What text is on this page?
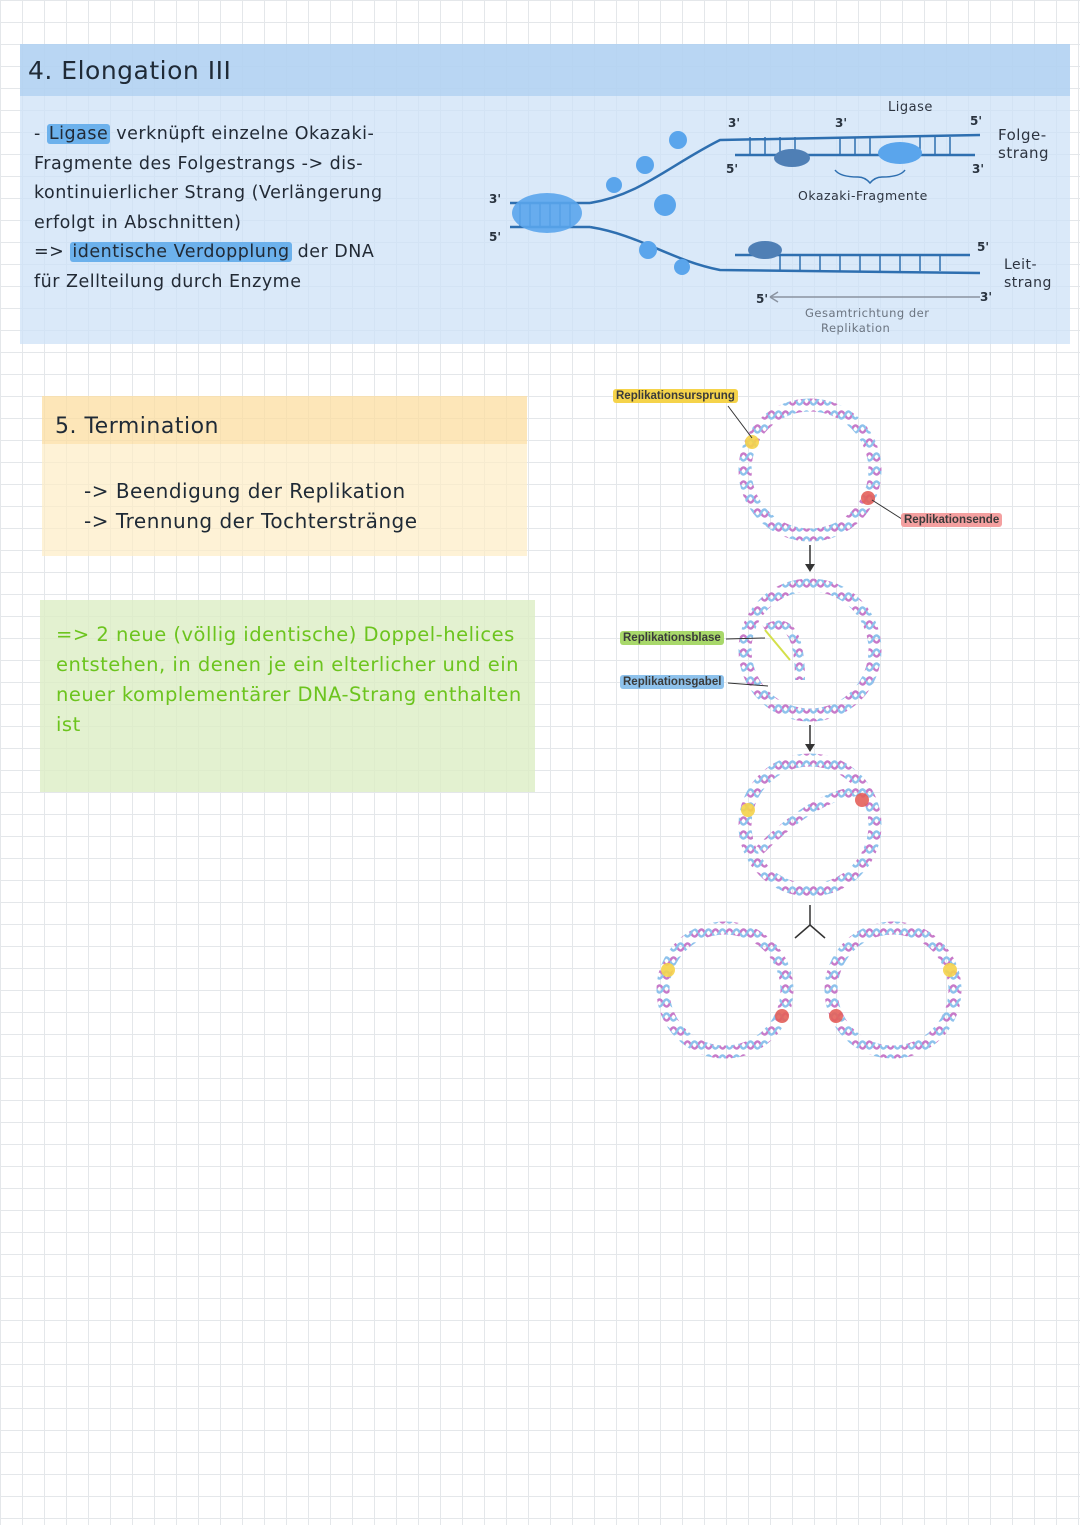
4. Elongation III
- Ligase verknüpft einzelne Okazaki-
Fragmente des Folgestrangs -> dis-
kontinuierlicher Strang (Verlängerung
erfolgt in Abschnitten)
=> identische Verdopplung der DNA
für Zellteilung durch Enzyme
3'
5'
3'
5'
3'	5'
3'
5'
5'	3'
Ligase
Okazaki-Fragmente
Folge-
strang
Leit-
strang
Gesamtrichtung der
Replikation
5. Termination
-> Beendigung der Replikation
-> Trennung der Tochterstränge
=> 2 neue (völlig identische) Doppel-helices entstehen, in denen je ein elterlicher und ein neuer komplementärer DNA-Strang enthalten ist
Replikationsursprung
Replikationsende
Replikationsblase
Replikationsgabel
